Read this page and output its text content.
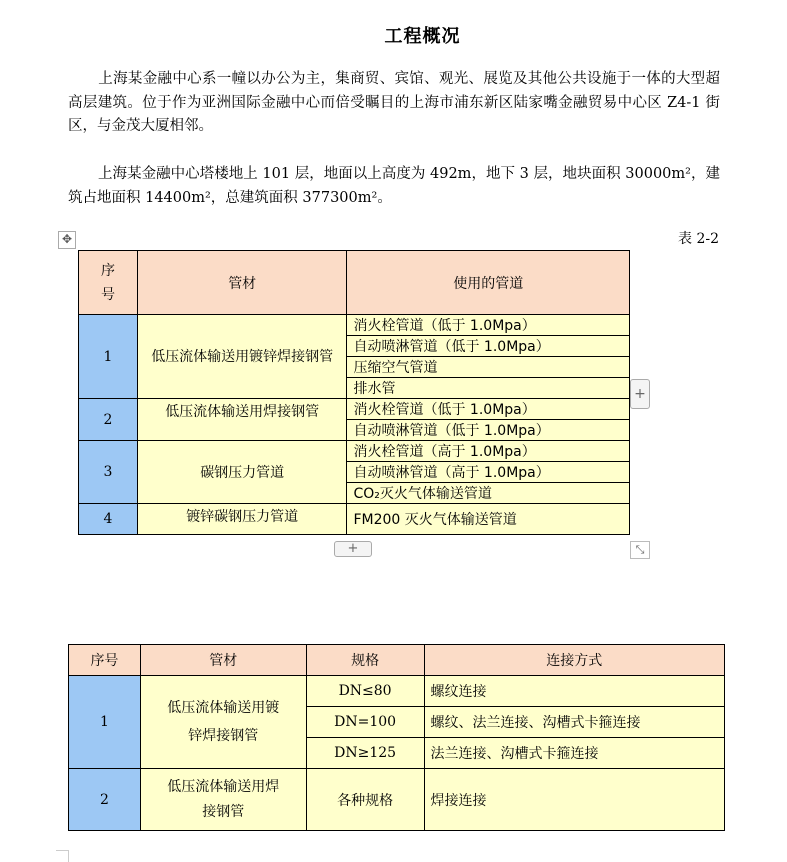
工程概况
上海某金融中心系一幢以办公为主，集商贸、宾馆、观光、展览及其他公共设施于一体的大型超高层建筑。位于作为亚洲国际金融中心而倍受瞩目的上海市浦东新区陆家嘴金融贸易中心区 Z4-1 街区，与金茂大厦相邻。
上海某金融中心塔楼地上 101 层，地面以上高度为 492m，地下 3 层，地块面积 30000m²，建筑占地面积 14400m²，总建筑面积 377300m²。
✥	表 2-2
序号	管材	使用的管道
1	低压流体输送用镀锌焊接钢管	消火栓管道（低于 1.0Mpa）
		自动喷淋管道（低于 1.0Mpa）
		压缩空气管道
		排水管
2	低压流体输送用焊接钢管	消火栓管道（低于 1.0Mpa）
		自动喷淋管道（低于 1.0Mpa）
3	碳钢压力管道	消火栓管道（高于 1.0Mpa）
		自动喷淋管道（高于 1.0Mpa）
		CO₂灭火气体输送管道
4	镀锌碳钢压力管道	FM200 灭火气体输送管道
+
+	⤡
序号	管材	规格	连接方式
1	低压流体输送用镀锌焊接钢管	DN≤80	螺纹连接
		DN=100	螺纹、法兰连接、沟槽式卡箍连接
		DN≥125	法兰连接、沟槽式卡箍连接
2	低压流体输送用焊接钢管	各种规格	焊接连接
